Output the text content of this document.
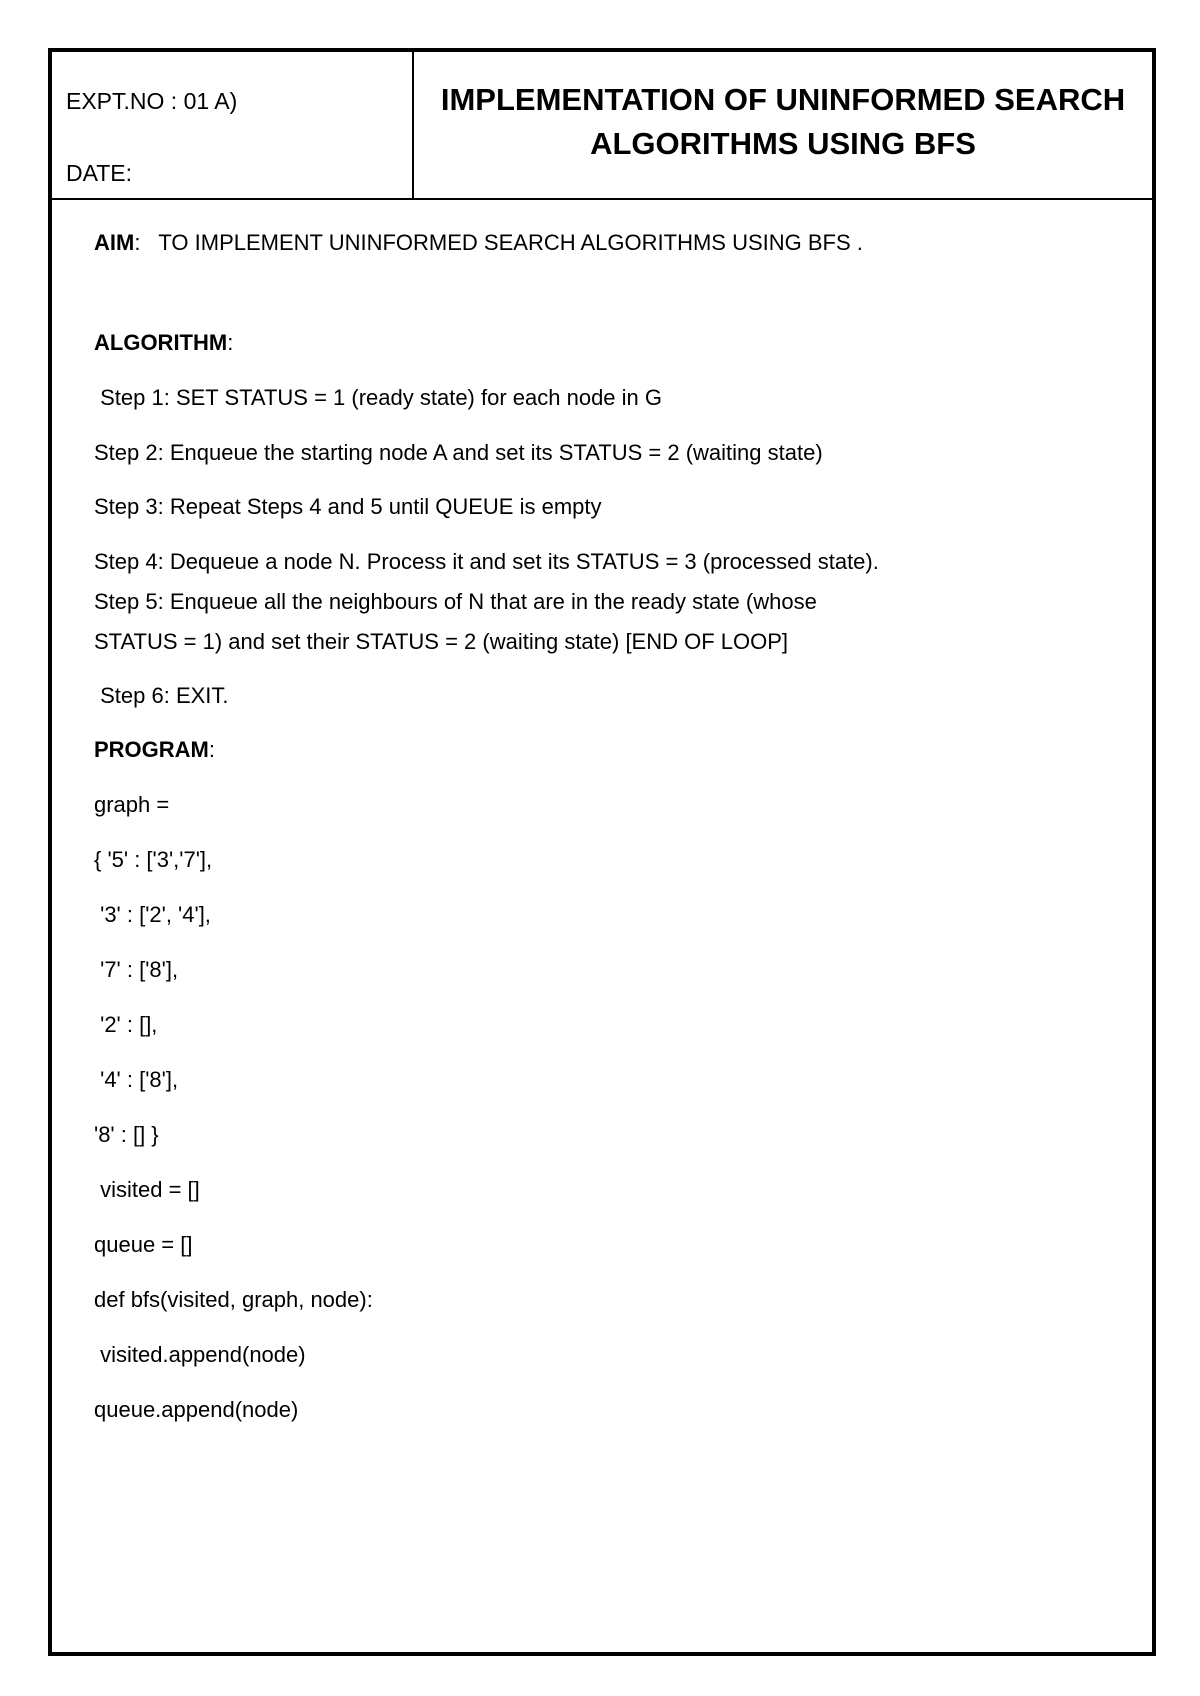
EXPT.NO : 01 A)
DATE:
IMPLEMENTATION OF UNINFORMED SEARCH
ALGORITHMS USING BFS
AIM:   TO IMPLEMENT UNINFORMED SEARCH ALGORITHMS USING BFS .
ALGORITHM:
Step 1: SET STATUS = 1 (ready state) for each node in G
Step 2: Enqueue the starting node A and set its STATUS = 2 (waiting state)
Step 3: Repeat Steps 4 and 5 until QUEUE is empty
Step 4: Dequeue a node N. Process it and set its STATUS = 3 (processed state).
Step 5: Enqueue all the neighbours of N that are in the ready state (whose
STATUS = 1) and set their STATUS = 2 (waiting state) [END OF LOOP]
Step 6: EXIT.
PROGRAM:
graph =
{ '5' : ['3','7'],
'3' : ['2', '4'],
'7' : ['8'],
'2' : [],
'4' : ['8'],
'8' : [] }
visited = []
queue = []
def bfs(visited, graph, node):
visited.append(node)
queue.append(node)
